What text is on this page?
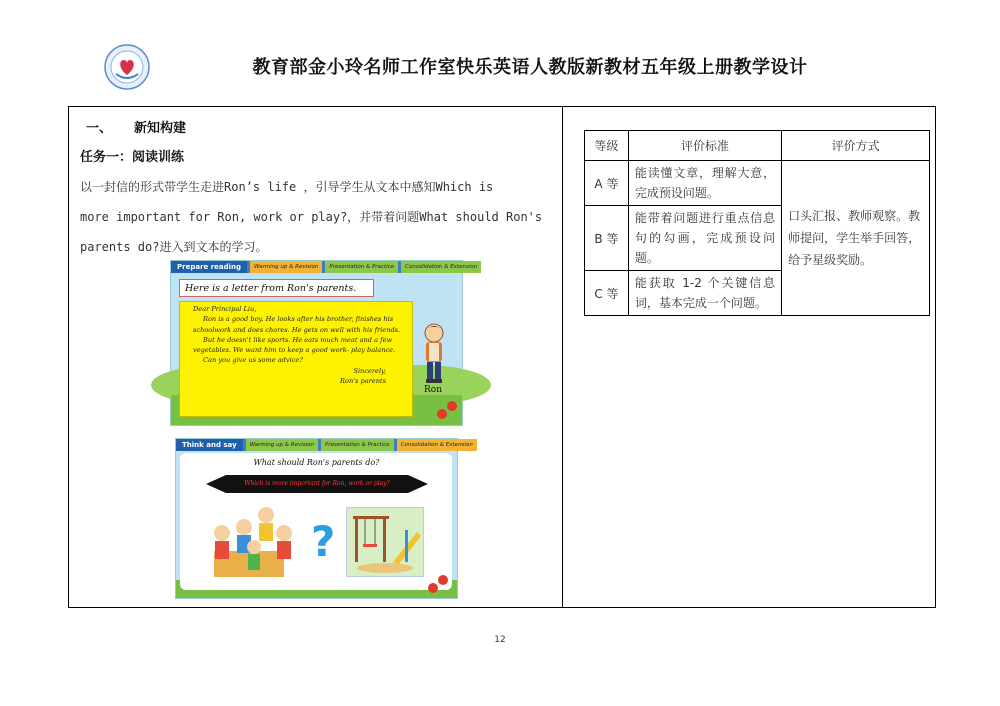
教育部金小玲名师工作室快乐英语人教版新教材五年级上册教学设计
一、 新知构建
任务一：阅读训练

以一封信的形式带学生走进Ron’s life ，引导学生从文本中感知Which is

more important for Ron, work or play?，并带着问题What should Ron's

parents do?进入到文本的学习。

Prepare reading	Warming up & Revision	Presentation & Practice	Consolidation & Extension
Here is a letter from Ron's parents.

Dear Principal Liu,

Ron is a good boy. He looks after his brother, finishes his schoolwork and does chores. He gets on well with his friends.

But he doesn't like sports. He eats much meat and a few vegetables. We want him to keep a good work- play balance.

Can you give us some advice?

Sincerely,

Ron's parents

Ron
Think and say	Warming up & Revision	Presentation & Practice	Consolidation & Extension
What should Ron's parents do?
Which is more important for Ron, work or play?
?
等级	评价标准	评价方式
A 等	能读懂文章，理解大意，完成预设问题。	口头汇报、教师观察。教师提问，学生举手回答，给予星级奖励。
B 等	能带着问题进行重点信息句的勾画，完成预设问题。	
C 等	能获取 1-2 个关键信息词，基本完成一个问题。	
12
